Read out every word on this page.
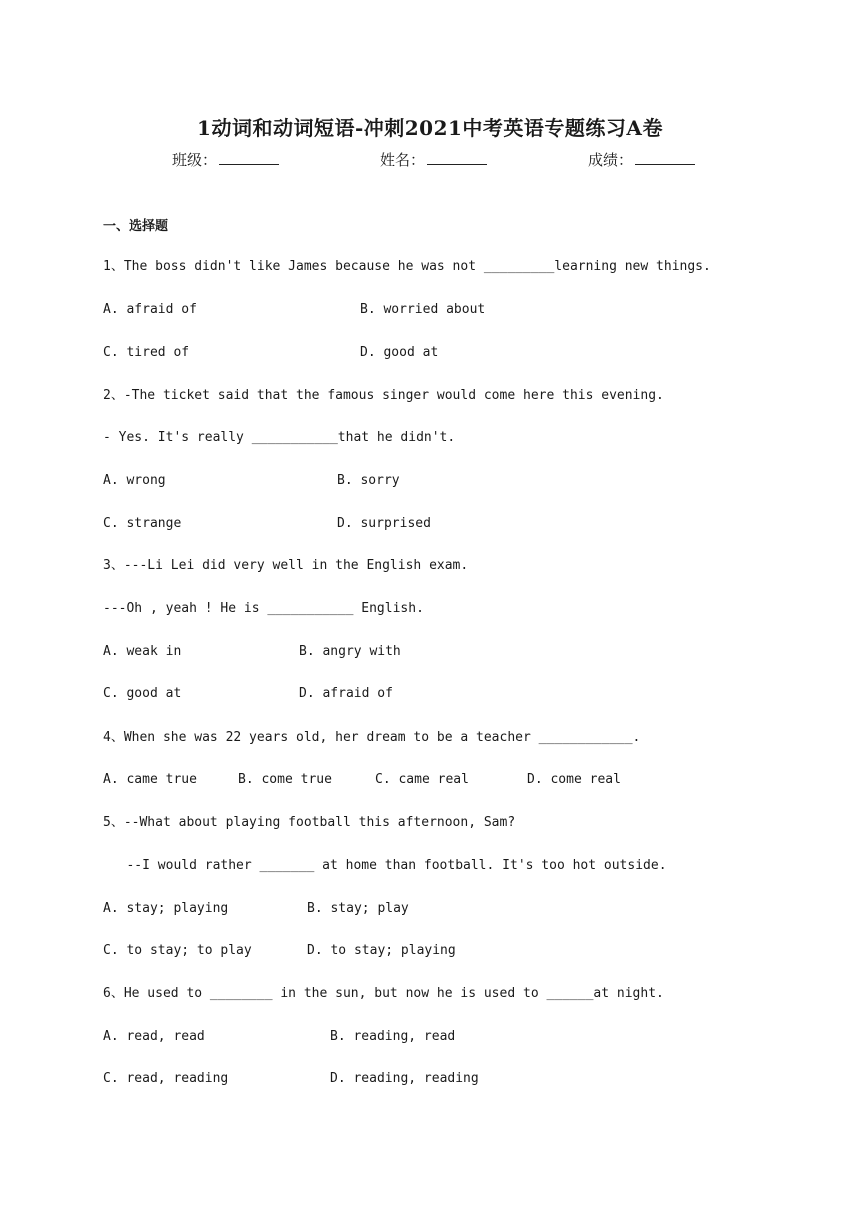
1动词和动词短语-冲刺2021中考英语专题练习A卷
班级：	姓名：	成绩：
一、选择题
1、The boss didn't like James because he was not _________learning new things.
A. afraid of	B. worried about
C. tired of	D. good at
2、-The ticket said that the famous singer would come here this evening.
- Yes. It's really ___________that he didn't.
A. wrong	B. sorry
C. strange	D. surprised
3、---Li Lei did very well in the English exam.
---Oh , yeah ! He is ___________ English.
A. weak in	B. angry with
C. good at	D. afraid of
4、When she was 22 years old, her dream to be a teacher ____________.
A. came true	B. come true	C. came real	D. come real
5、--What about playing football this afternoon, Sam?
--I would rather _______ at home than football. It's too hot outside.
A. stay; playing	B. stay; play
C. to stay; to play	D. to stay; playing
6、He used to ________ in the sun, but now he is used to ______at night.
A. read, read	B. reading, read
C. read, reading	D. reading, reading
